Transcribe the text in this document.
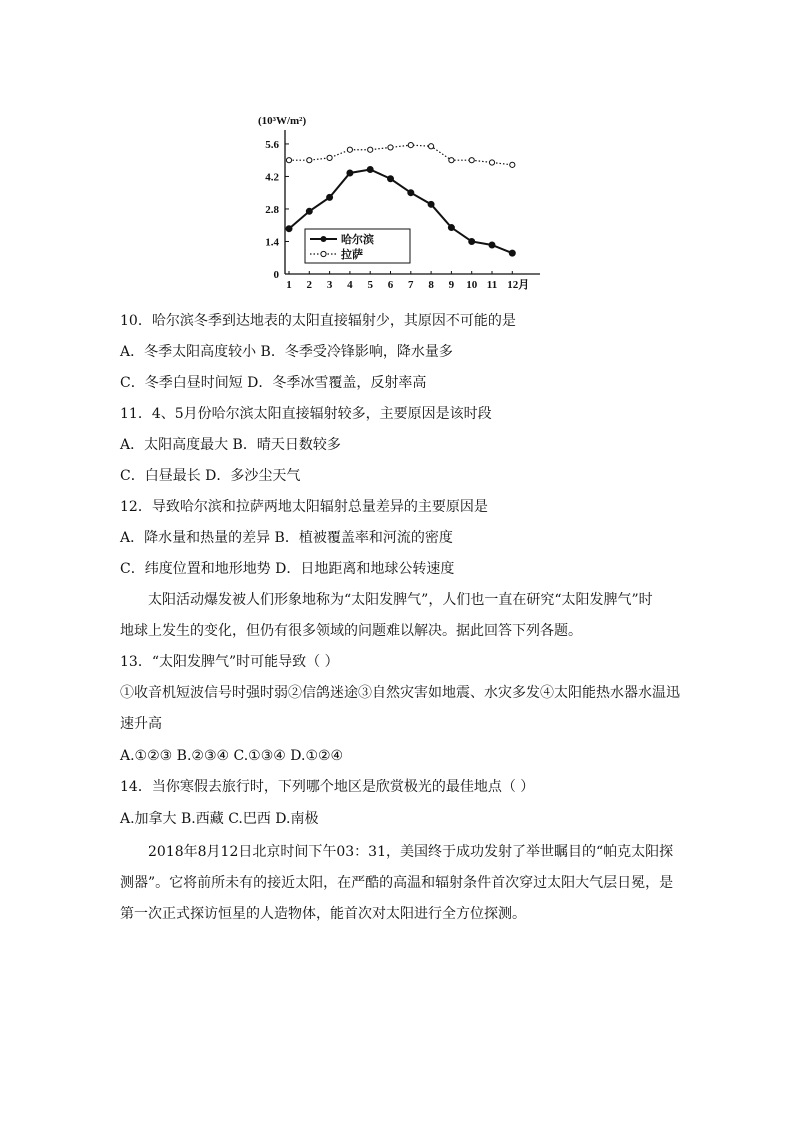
(10³W/m²)
0
1.4
2.8
4.2
5.6
1 2 3 4 5 6 7 8 9 10 11 12月
哈尔滨
拉萨
10．哈尔滨冬季到达地表的太阳直接辐射少，其原因不可能的是
A．冬季太阳高度较小 B．冬季受冷锋影响，降水量多
C．冬季白昼时间短 D．冬季冰雪覆盖，反射率高
11．4、5月份哈尔滨太阳直接辐射较多，主要原因是该时段
A．太阳高度最大 B．晴天日数较多
C．白昼最长 D．多沙尘天气
12．导致哈尔滨和拉萨两地太阳辐射总量差异的主要原因是
A．降水量和热量的差异 B．植被覆盖率和河流的密度
C．纬度位置和地形地势 D．日地距离和地球公转速度
太阳活动爆发被人们形象地称为“太阳发脾气”，人们也一直在研究“太阳发脾气”时
地球上发生的变化，但仍有很多领域的问题难以解决。据此回答下列各题。
13．“太阳发脾气”时可能导致（ ）
①收音机短波信号时强时弱②信鸽迷途③自然灾害如地震、水灾多发④太阳能热水器水温迅
速升高
A.①②③ B.②③④ C.①③④ D.①②④
14．当你寒假去旅行时，下列哪个地区是欣赏极光的最佳地点（ ）
A.加拿大 B.西藏 C.巴西 D.南极
2018年8月12日北京时间下午03：31，美国终于成功发射了举世瞩目的“帕克太阳探
测器”。它将前所未有的接近太阳，在严酷的高温和辐射条件首次穿过太阳大气层日冕，是
第一次正式探访恒星的人造物体，能首次对太阳进行全方位探测。
